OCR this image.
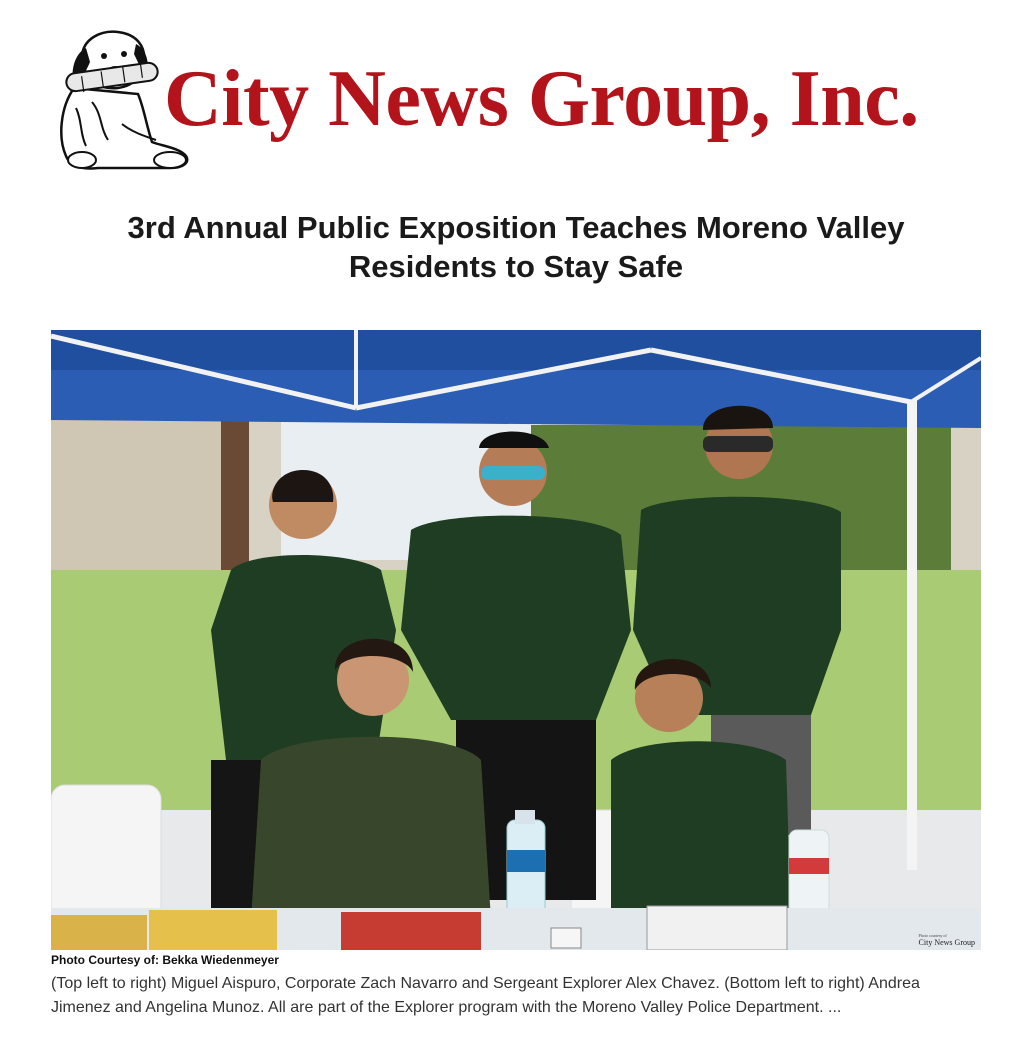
City News Group, Inc.
3rd Annual Public Exposition Teaches Moreno Valley Residents to Stay Safe
Photo courtesy of
City News Group
Photo Courtesy of: Bekka Wiedenmeyer

(Top left to right) Miguel Aispuro, Corporate Zach Navarro and Sergeant Explorer Alex Chavez. (Bottom left to right) Andrea Jimenez and Angelina Munoz. All are part of the Explorer program with the Moreno Valley Police Department. ...
